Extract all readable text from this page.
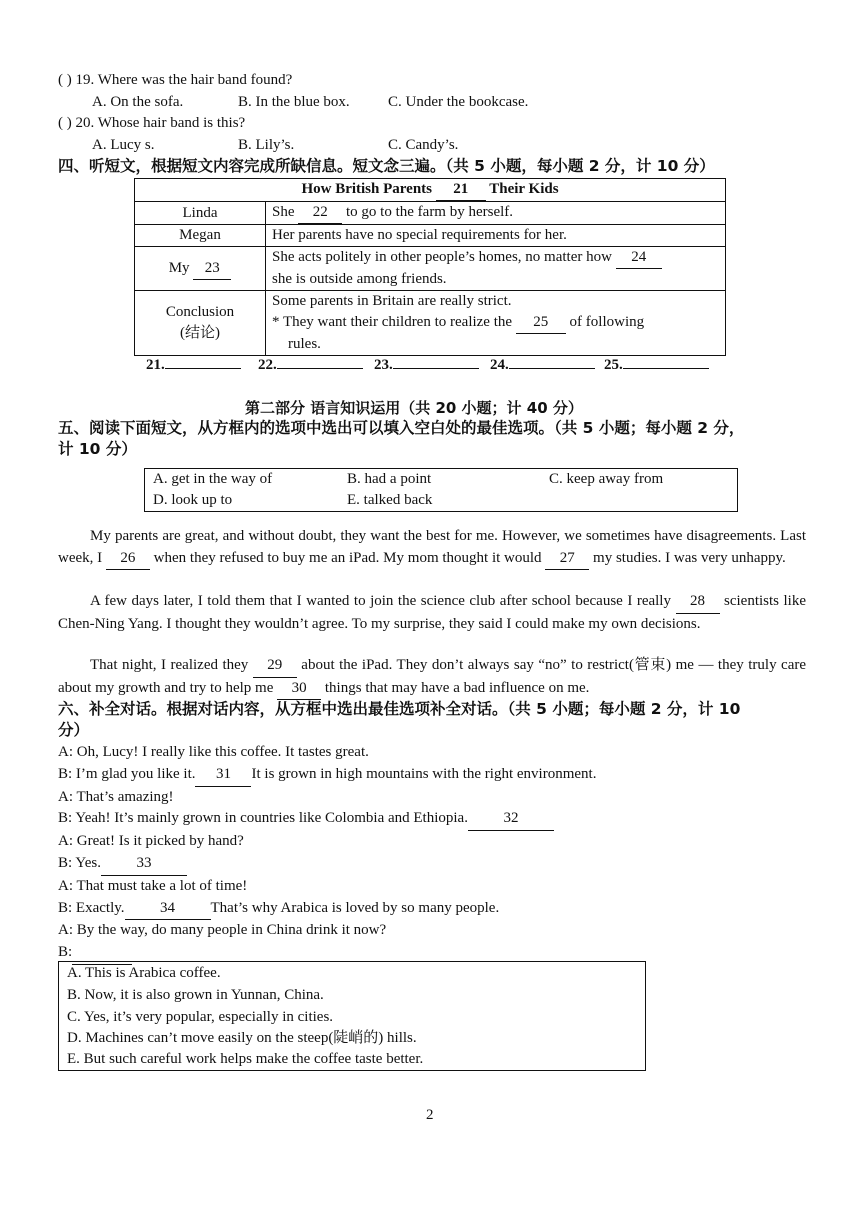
( ) 19. Where was the hair band found?
A. On the sofa.	B. In the blue box.	C. Under the bookcase.
( ) 20. Whose hair band is this?
A. Lucy s.	B. Lily’s.	C. Candy’s.
四、听短文，根据短文内容完成所缺信息。短文念三遍。（共 5 小题，每小题 2 分，计 10 分）
How British Parents 21 Their Kids	
Linda	She 22 to go to the farm by herself.
Megan	Her parents have no special requirements for her.
My 23	She acts politely in other people’s homes, no matter how 24
she is outside among friends.
Conclusion
(结论)	Some parents in Britain are really strict.
* They want their children to realize the 25 of following
rules.
21.	22.	23.	24.	25.
第二部分 语言知识运用（共 20 小题；计 40 分）
五、阅读下面短文，从方框内的选项中选出可以填入空白处的最佳选项。（共 5 小题；每小题 2 分，
计 10 分）
A. get in the way of	B. had a point	C. keep away from
D. look up to	E. talked back
My parents are great, and without doubt, they want the best for me. However, we sometimes have disagreements. Last week, I 26 when they refused to buy me an iPad. My mom thought it would 27 my studies. I was very unhappy.
A few days later, I told them that I wanted to join the science club after school because I really 28 scientists like Chen-Ning Yang. I thought they wouldn’t agree. To my surprise, they said I could make my own decisions.
That night, I realized they 29 about the iPad. They don’t always say “no” to restrict(管束) me — they truly care about my growth and try to help me 30 things that may have a bad influence on me.
六、补全对话。根据对话内容，从方框中选出最佳选项补全对话。（共 5 小题；每小题 2 分，计 10
分）
A: Oh, Lucy! I really like this coffee. It tastes great.
B: I’m glad you like it. 31 It is grown in high mountains with the right environment.
A: That’s amazing!
B: Yeah! It’s mainly grown in countries like Colombia and Ethiopia. 32
A: Great! Is it picked by hand?
B: Yes. 33
A: That must take a lot of time!
B: Exactly. 34 That’s why Arabica is loved by so many people.
A: By the way, do many people in China drink it now?
B:
A. This is Arabica coffee.
B. Now, it is also grown in Yunnan, China.
C. Yes, it’s very popular, especially in cities.
D. Machines can’t move easily on the steep(陡峭的) hills.
E. But such careful work helps make the coffee taste better.
2
